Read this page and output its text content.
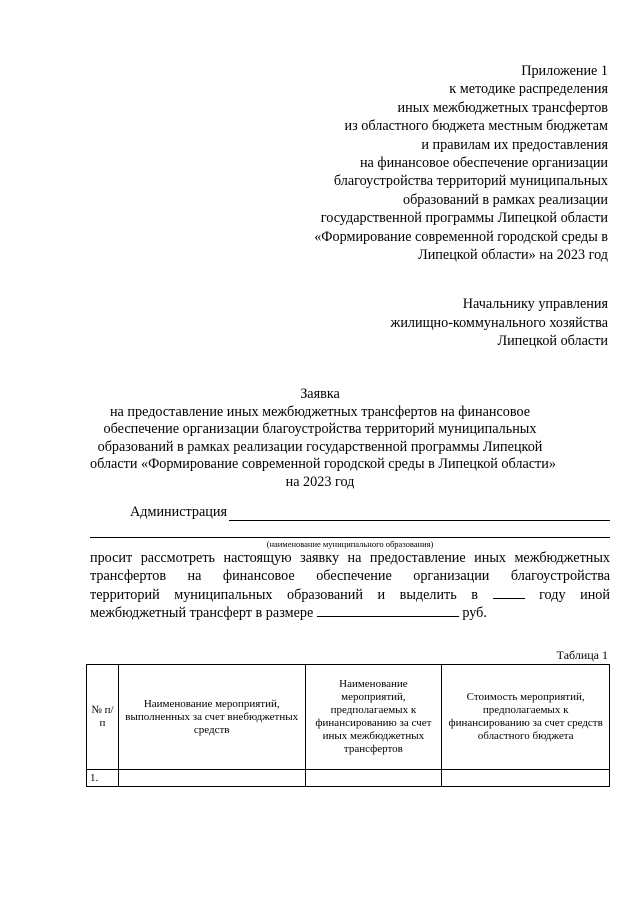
Приложение 1
к методике распределения
иных межбюджетных трансфертов
из областного бюджета местным бюджетам
и правилам их предоставления
на финансовое обеспечение организации
благоустройства территорий муниципальных
образований в рамках реализации
государственной программы Липецкой области
«Формирование современной городской среды в
Липецкой области» на 2023 год
Начальнику управления
жилищно-коммунального хозяйства
Липецкой области
Заявка
на предоставление иных межбюджетных трансфертов на финансовое
обеспечение организации благоустройства территорий муниципальных
образований в рамках реализации государственной программы Липецкой
области «Формирование современной городской среды в Липецкой области»
на 2023 год
Администрация
(наименование муниципального образования)
просит рассмотреть настоящую заявку на предоставление иных межбюджетных
трансфертов на финансовое обеспечение организации благоустройства
территорий муниципальных образований и выделить в	году иной
межбюджетный трансферт в размере	руб.
Таблица 1
№ п/п	Наименование мероприятий, выполненных за счет внебюджетных средств	Наименование мероприятий, предполагаемых к финансированию за счет иных межбюджетных трансфертов	Стоимость мероприятий, предполагаемых к финансированию за счет средств областного бюджета
1.			
